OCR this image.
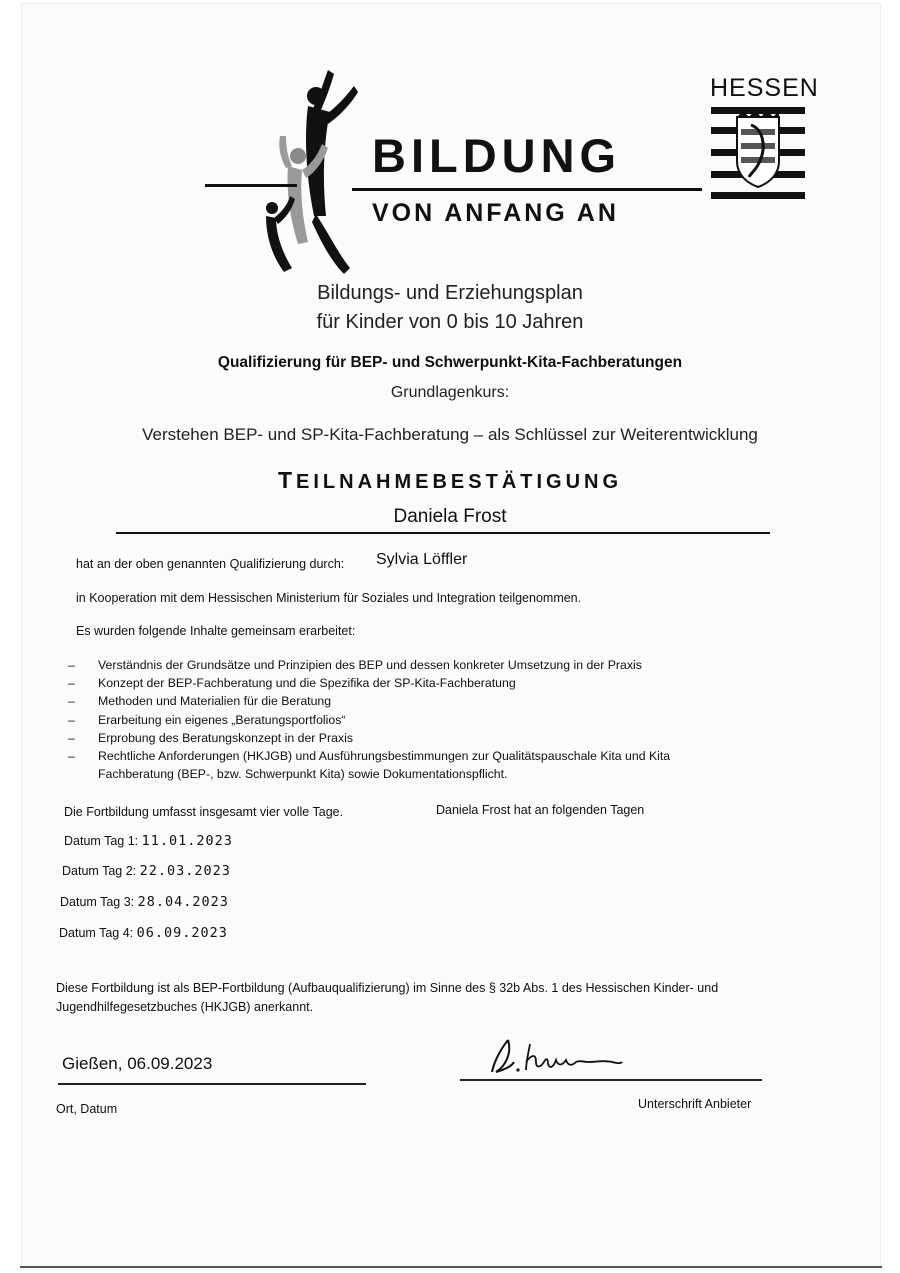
BILDUNG
VON ANFANG AN
HESSEN
Bildungs- und Erziehungsplan
für Kinder von 0 bis 10 Jahren
Qualifizierung für BEP- und Schwerpunkt-Kita-Fachberatungen
Grundlagenkurs:
Verstehen BEP- und SP-Kita-Fachberatung – als Schlüssel zur Weiterentwicklung
TEILNAHMEBESTÄTIGUNG
Daniela Frost
hat an der oben genannten Qualifizierung durch: Sylvia Löffler
in Kooperation mit dem Hessischen Ministerium für Soziales und Integration teilgenommen.
Es wurden folgende Inhalte gemeinsam erarbeitet:
– Verständnis der Grundsätze und Prinzipien des BEP und dessen konkreter Umsetzung in der Praxis
– Konzept der BEP-Fachberatung und die Spezifika der SP-Kita-Fachberatung
– Methoden und Materialien für die Beratung
– Erarbeitung ein eigenes „Beratungsportfolios“
– Erprobung des Beratungskonzept in der Praxis
– Rechtliche Anforderungen (HKJGB) und Ausführungsbestimmungen zur Qualitätspauschale Kita und Kita Fachberatung (BEP-, bzw. Schwerpunkt Kita) sowie Dokumentationspflicht.
Die Fortbildung umfasst insgesamt vier volle Tage.	Daniela Frost hat an folgenden Tagen
Datum Tag 1: 11.01.2023
Datum Tag 2: 22.03.2023
Datum Tag 3: 28.04.2023
Datum Tag 4: 06.09.2023
Diese Fortbildung ist als BEP-Fortbildung (Aufbauqualifizierung) im Sinne des § 32b Abs. 1 des Hessischen Kinder- und
Jugendhilfegesetzbuches (HKJGB) anerkannt.
Gießen, 06.09.2023
Ort, Datum	Unterschrift Anbieter
